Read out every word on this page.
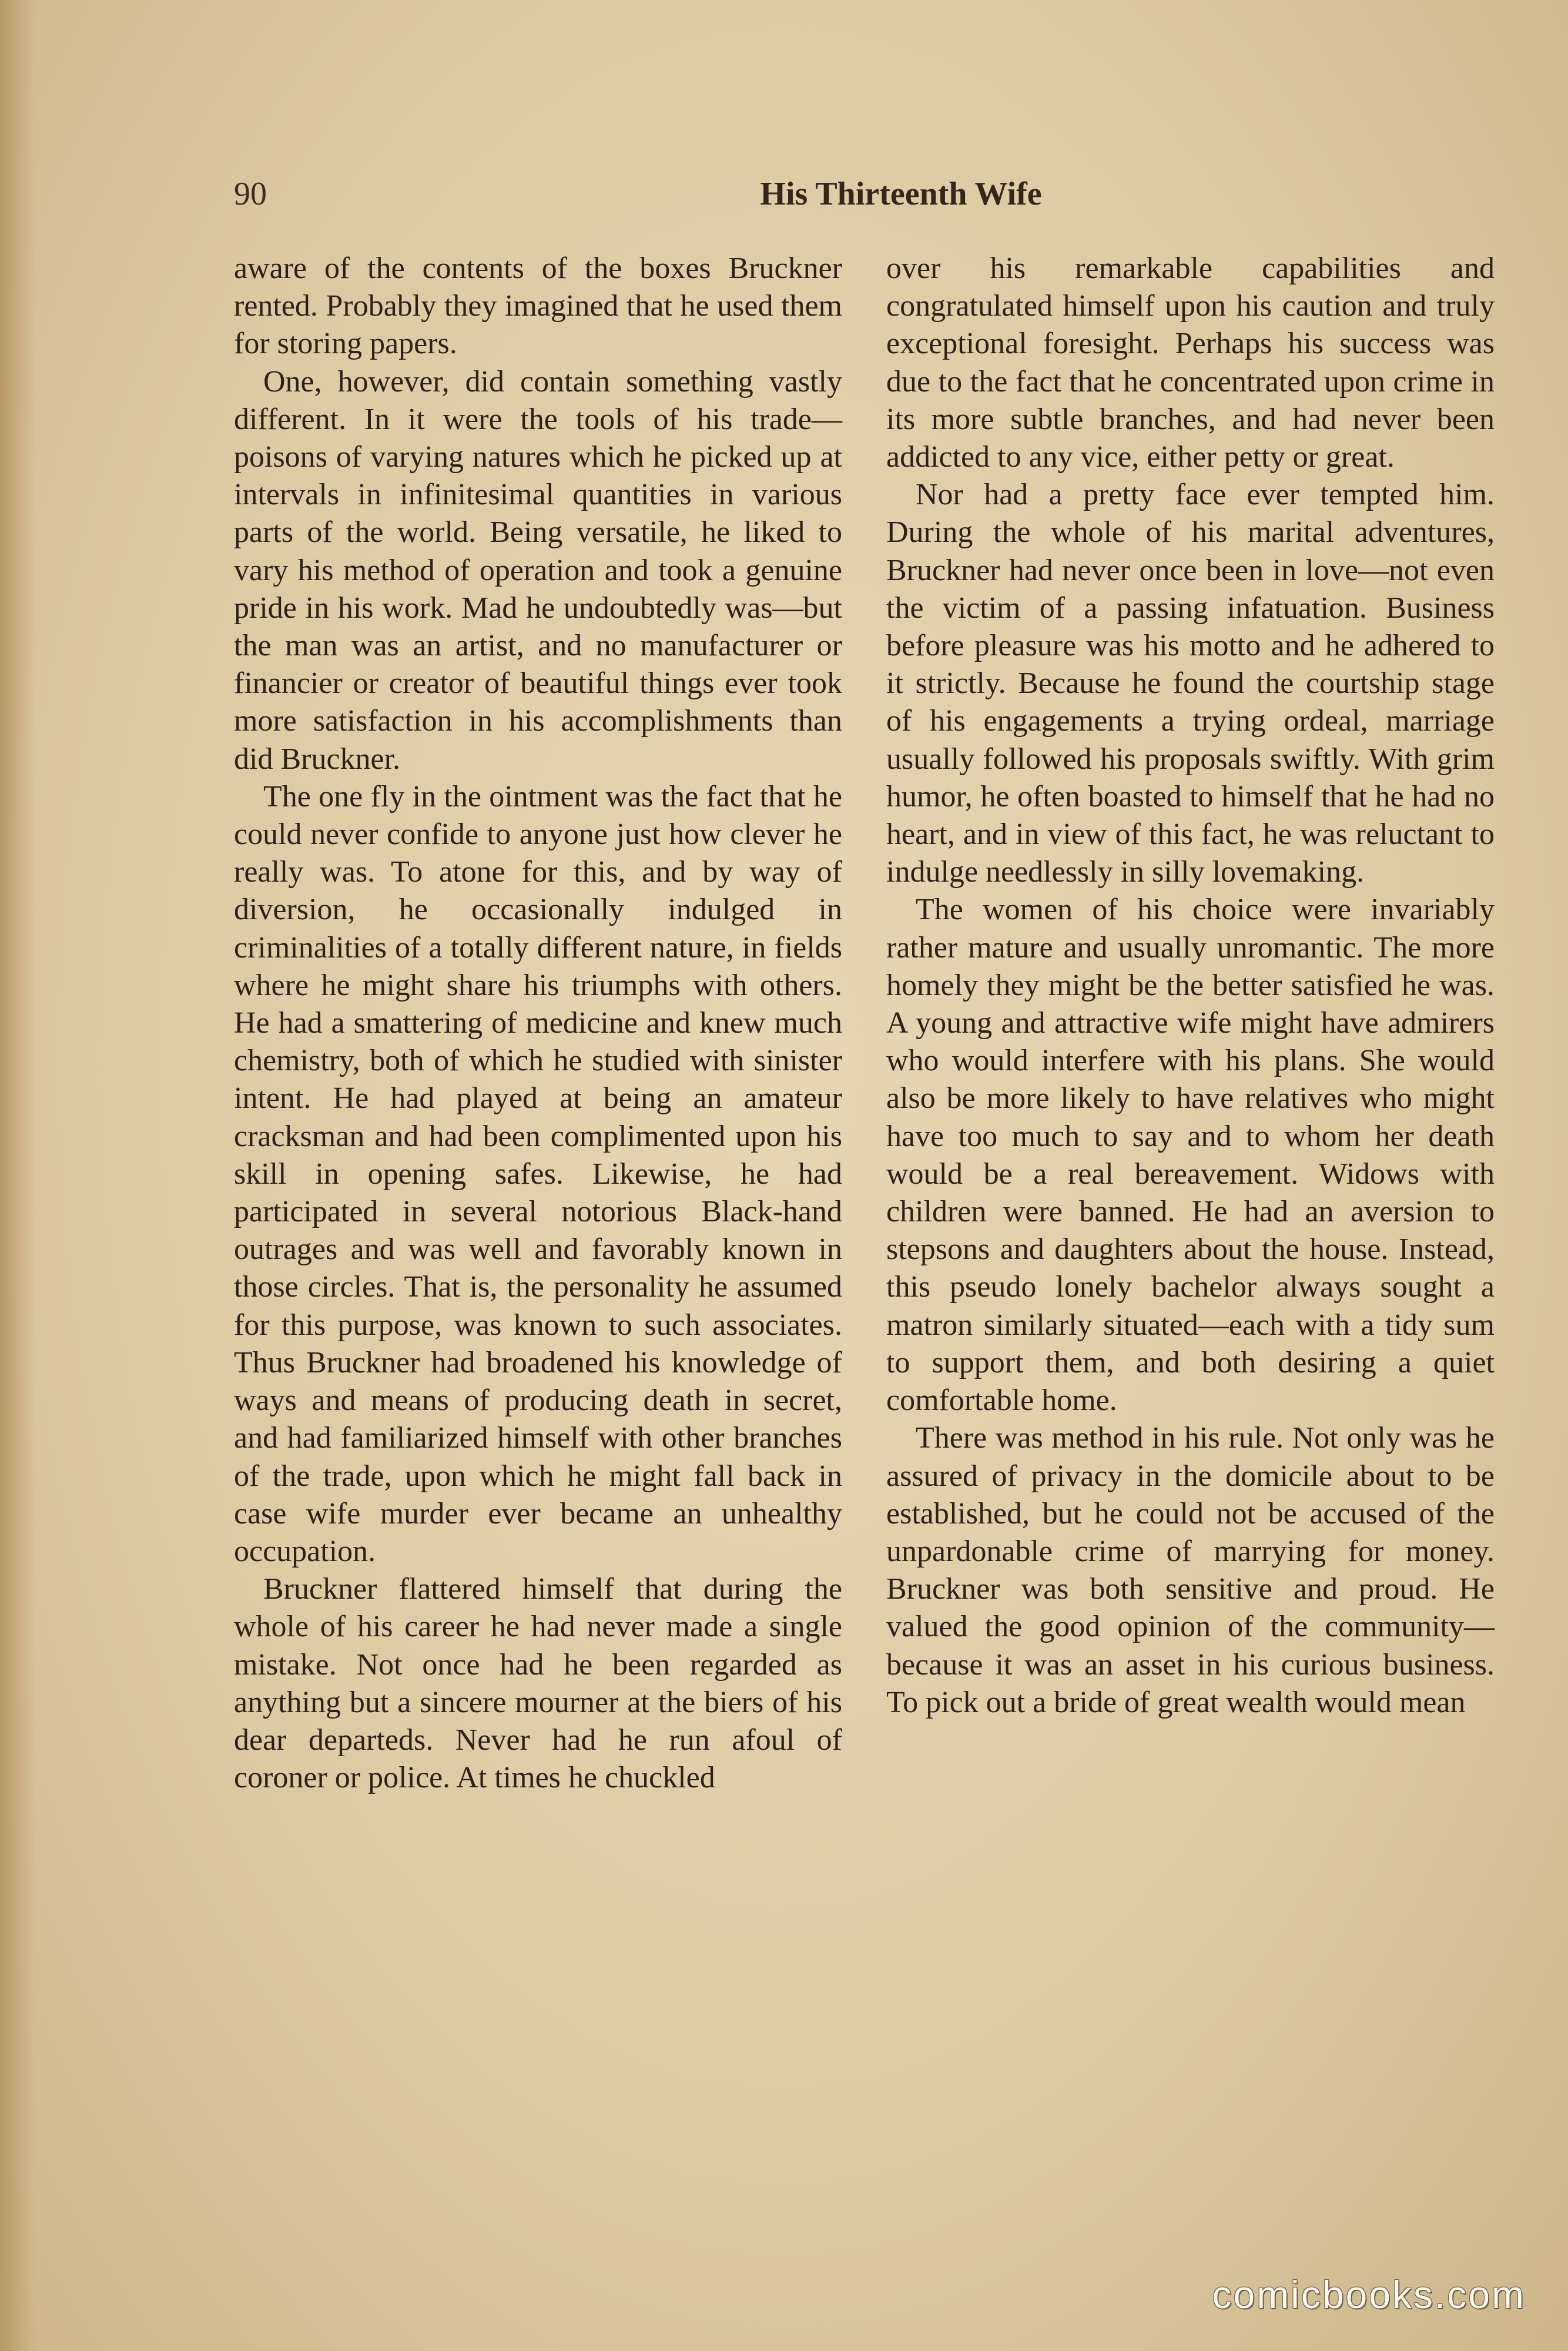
90	His Thirteenth Wife

aware of the contents of the boxes Bruckner rented. Probably they imagined that he used them for storing papers.

One, however, did contain something vastly different. In it were the tools of his trade—poisons of varying natures which he picked up at intervals in infinitesimal quantities in various parts of the world. Being versatile, he liked to vary his method of operation and took a genuine pride in his work. Mad he undoubtedly was—but the man was an artist, and no manufacturer or financier or creator of beautiful things ever took more satisfaction in his accomplishments than did Bruckner.

The one fly in the ointment was the fact that he could never confide to anyone just how clever he really was. To atone for this, and by way of diversion, he occasionally indulged in criminalities of a totally different nature, in fields where he might share his triumphs with others. He had a smattering of medicine and knew much chemistry, both of which he studied with sinister intent. He had played at being an amateur cracksman and had been complimented upon his skill in opening safes. Likewise, he had participated in several notorious Black-hand outrages and was well and favorably known in those circles. That is, the personality he assumed for this purpose, was known to such associates. Thus Bruckner had broadened his knowledge of ways and means of producing death in secret, and had familiarized himself with other branches of the trade, upon which he might fall back in case wife murder ever became an unhealthy occupation.

Bruckner flattered himself that during the whole of his career he had never made a single mistake. Not once had he been regarded as anything but a sincere mourner at the biers of his dear departeds. Never had he run afoul of coroner or police. At times he chuckled

over his remarkable capabilities and congratulated himself upon his caution and truly exceptional foresight. Perhaps his success was due to the fact that he concentrated upon crime in its more subtle branches, and had never been addicted to any vice, either petty or great.

Nor had a pretty face ever tempted him. During the whole of his marital adventures, Bruckner had never once been in love—not even the victim of a passing infatuation. Business before pleasure was his motto and he adhered to it strictly. Because he found the courtship stage of his engagements a trying ordeal, marriage usually followed his proposals swiftly. With grim humor, he often boasted to himself that he had no heart, and in view of this fact, he was reluctant to indulge needlessly in silly lovemaking.

The women of his choice were invariably rather mature and usually unromantic. The more homely they might be the better satisfied he was. A young and attractive wife might have admirers who would interfere with his plans. She would also be more likely to have relatives who might have too much to say and to whom her death would be a real bereavement. Widows with children were banned. He had an aversion to stepsons and daughters about the house. Instead, this pseudo lonely bachelor always sought a matron similarly situated—each with a tidy sum to support them, and both desiring a quiet comfortable home.

There was method in his rule. Not only was he assured of privacy in the domicile about to be established, but he could not be accused of the unpardonable crime of marrying for money. Bruckner was both sensitive and proud. He valued the good opinion of the community—because it was an asset in his curious business. To pick out a bride of great wealth would mean

comicbooks.com
